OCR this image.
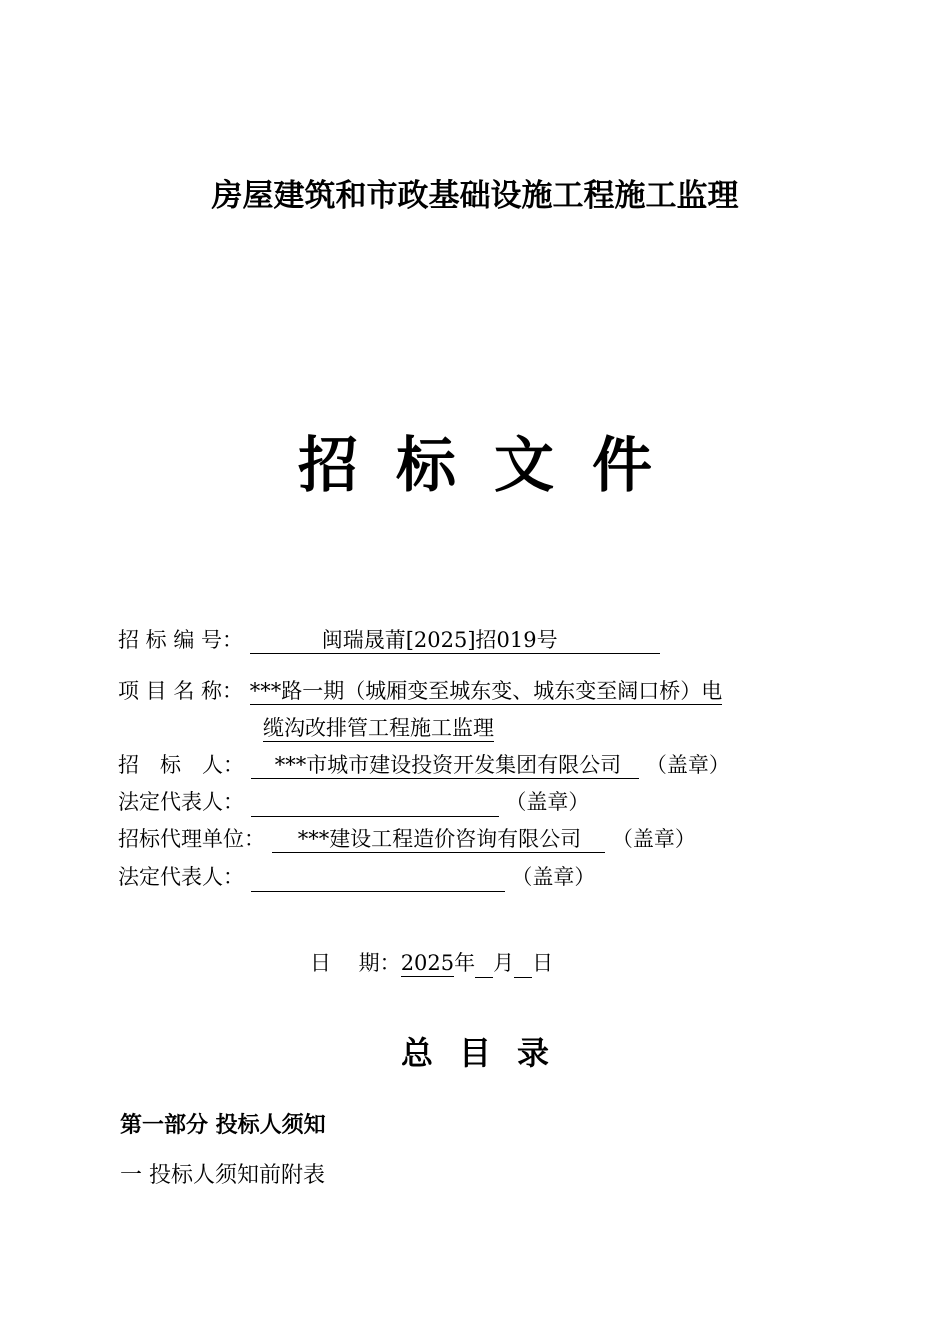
房屋建筑和市政基础设施工程施工监理
招标文件
招 标 编 号：	闽瑞晟莆[2025]招019号
项 目 名 称： ***路一期（城厢变至城东变、城东变至阔口桥）电
缆沟改排管工程施工监理
招　标　人： ***市城市建设投资开发集团有限公司 （盖章）
法定代表人：	（盖章）
招标代理单位： ***建设工程造价咨询有限公司 （盖章）
法定代表人：	（盖章）
日　 期：2025年 月 日
总目录
第一部分 投标人须知
一 投标人须知前附表
